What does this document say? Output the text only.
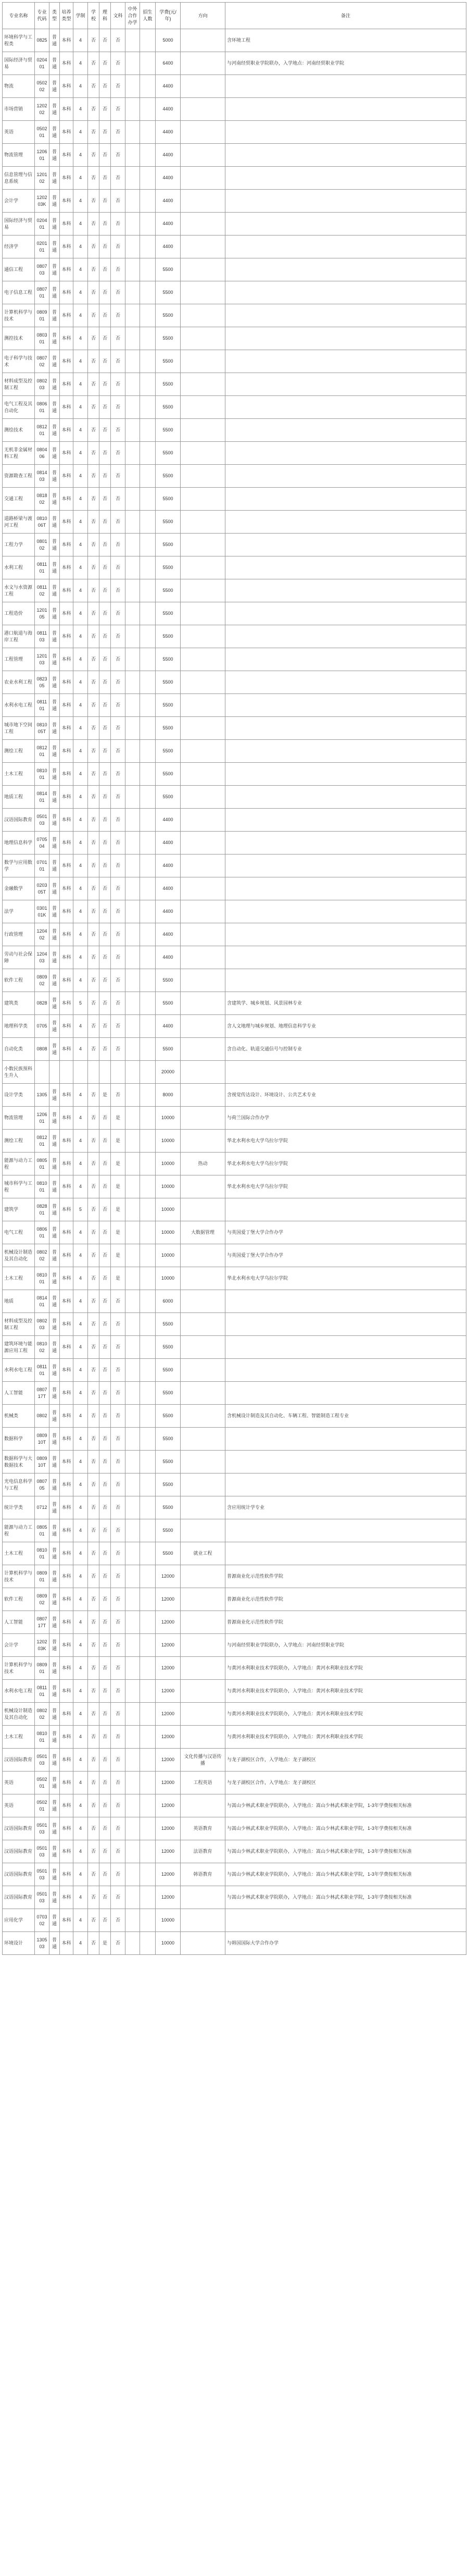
专业名称	专业代码	类型	培养类型	学制	学校	理科	文科	中外合作办学	招生人数	学费(元/年)	方向	备注
环境科学与工程类	0825	普通	本科	4	否	否	否			5000		含环境工程
国际经济与贸易	020401	普通	本科	4	否	否	否			6400		与河南经贸职业学院联办，入学地点：河南经贸职业学院
物流	050202	普通	本科	4	否	否	否			4400		
市场营销	120202	普通	本科	4	否	否	否			4400		
英语	050201	普通	本科	4	否	否	否			4400		
物流管理	120601	普通	本科	4	否	否	否			4400		
信息管理与信息系统	120102	普通	本科	4	否	否	否			4400		
会计学	120203K	普通	本科	4	否	否	否			4400		
国际经济与贸易	020401	普通	本科	4	否	否	否			4400		
经济学	020101	普通	本科	4	否	否	否			4400		
通信工程	080703	普通	本科	4	否	否	否			5500		
电子信息工程	080701	普通	本科	4	否	否	否			5500		
计算机科学与技术	080901	普通	本科	4	否	否	否			5500		
测控技术	080301	普通	本科	4	否	否	否			5500		
电子科学与技术	080702	普通	本科	4	否	否	否			5500		
材料成型及控制工程	080203	普通	本科	4	否	否	否			5500		
电气工程及其自动化	080601	普通	本科	4	否	否	否			5500		
测绘技术	081201	普通	本科	4	否	否	否			5500		
无机非金属材料工程	080406	普通	本科	4	否	否	否			5500		
资源勘查工程	081403	普通	本科	4	否	否	否			5500		
交通工程	081802	普通	本科	4	否	否	否			5500		
道路桥梁与渡河工程	081006T	普通	本科	4	否	否	否			5500		
工程力学	080102	普通	本科	4	否	否	否			5500		
水利工程	081101	普通	本科	4	否	否	否			5500		
水文与水资源工程	081102	普通	本科	4	否	否	否			5500		
工程造价	120105	普通	本科	4	否	否	否			5500		
港口航道与海岸工程	081103	普通	本科	4	否	否	否			5500		
工程管理	120103	普通	本科	4	否	否	否			5500		
农业水利工程	082305	普通	本科	4	否	否	否			5500		
水利水电工程	081101	普通	本科	4	否	否	否			5500		
城市地下空间工程	081005T	普通	本科	4	否	否	否			5500		
测绘工程	081201	普通	本科	4	否	否	否			5500		
土木工程	081001	普通	本科	4	否	否	否			5500		
地质工程	081401	普通	本科	4	否	否	否			5500		
汉语国际教育	050103	普通	本科	4	否	否	否			4400		
地理信息科学	070504	普通	本科	4	否	否	否			4400		
数学与应用数学	070101	普通	本科	4	否	否	否			4400		
金融数学	020305T	普通	本科	4	否	否	否			4400		
法学	030101K	普通	本科	4	否	否	否			4400		
行政管理	120402	普通	本科	4	否	否	否			4400		
劳动与社会保障	120403	普通	本科	4	否	否	否			4400		
软件工程	080902	普通	本科	4	否	否	否			5500		
建筑类	0828	普通	本科	5	否	否	否			5500		含建筑学、城乡规划、风景园林专业
地理科学类	0705	普通	本科	4	否	否	否			4400		含人文地理与城乡规划、地理信息科学专业
自动化类	0808	普通	本科	4	否	否	否			5500		含自动化、轨道交通信号与控制专业
小数民族预科生升入										20000		
设计学类	1305	普通	本科	4	否	是	否			8000		含视觉传达设计、环境设计、公共艺术专业
物流管理	120601	普通	本科	4	否	否	是			10000		与荷兰国际合作办学
测绘工程	081201	普通	本科	4	否	否	是			10000		华北水利水电大学乌拉尔学院
能源与动力工程	080501	普通	本科	4	否	否	是			10000	热动	华北水利水电大学乌拉尔学院
城市科学与工程	081001	普通	本科	4	否	否	是			10000		华北水利水电大学乌拉尔学院
建筑学	082801	普通	本科	5	否	否	是			10000		
电气工程	080601	普通	本科	4	否	否	是			10000	大数据管理	与英国爱丁堡大学合作办学
机械设计制造及其自动化	080202	普通	本科	4	否	否	是			10000		与英国爱丁堡大学合作办学
土木工程	081001	普通	本科	4	否	否	是			10000		华北水利水电大学乌拉尔学院
地质	081401	普通	本科	4	否	否	否			6000		
材料成型及控制工程	080203	普通	本科	4	否	否	否			5500		
建筑环境与能源应用工程	081002	普通	本科	4	否	否	否			5500		
水利水电工程	081101	普通	本科	4	否	否	否			5500		
人工智能	080717T	普通	本科	4	否	否	否			5500		
机械类	0802	普通	本科	4	否	否	否			5500		含机械设计制造及其自动化、车辆工程、智能制造工程专业
数据科学	080910T	普通	本科	4	否	否	否			5500		
数据科学与大数据技术	080910T	普通	本科	4	否	否	否			5500		
光电信息科学与工程	080705	普通	本科	4	否	否	否			5500		
统计学类	0712	普通	本科	4	否	否	否			5500		含应用统计学专业
能源与动力工程	080501	普通	本科	4	否	否	否			5500		
土木工程	081001	普通	本科	4	否	否	否			5500	就业工程	
计算机科学与技术	080901	普通	本科	4	否	否	否			12000		普源商业化示范性软件学院
软件工程	080902	普通	本科	4	否	否	否			12000		普源商业化示范性软件学院
人工智能	080717T	普通	本科	4	否	否	否			12000		普源商业化示范性软件学院
会计学	120203K	普通	本科	4	否	否	否			12000		与河南经贸职业学院联办，入学地点：河南经贸职业学院
计算机科学与技术	080901	普通	本科	4	否	否	否			12000		与黄河水利职业技术学院联办，入学地点：黄河水利职业技术学院
水利水电工程	081101	普通	本科	4	否	否	否			12000		与黄河水利职业技术学院联办，入学地点：黄河水利职业技术学院
机械设计制造及其自动化	080202	普通	本科	4	否	否	否			12000		与黄河水利职业技术学院联办，入学地点：黄河水利职业技术学院
土木工程	081001	普通	本科	4	否	否	否			12000		与黄河水利职业技术学院联办，入学地点：黄河水利职业技术学院
汉语国际教育	050103	普通	本科	4	否	否	否			12000	文化传播与汉语传播	与龙子湖校区合作，入学地点：龙子湖校区
英语	050201	普通	本科	4	否	否	否			12000	工程英语	与龙子湖校区合作，入学地点：龙子湖校区
英语	050201	普通	本科	4	否	否	否			12000		与嵩山少林武术职业学院联办，入学地点：嵩山少林武术职业学院，1-3年学费按相关标准
汉语国际教育	050103	普通	本科	4	否	否	否			12000	英语教育	与嵩山少林武术职业学院联办，入学地点：嵩山少林武术职业学院，1-3年学费按相关标准
汉语国际教育	050103	普通	本科	4	否	否	否			12000	法语教育	与嵩山少林武术职业学院联办，入学地点：嵩山少林武术职业学院，1-3年学费按相关标准
汉语国际教育	050103	普通	本科	4	否	否	否			12000	韩语教育	与嵩山少林武术职业学院联办，入学地点：嵩山少林武术职业学院，1-3年学费按相关标准
汉语国际教育	050103	普通	本科	4	否	否	否			12000		与嵩山少林武术职业学院联办，入学地点：嵩山少林武术职业学院，1-3年学费按相关标准
应用化学	070302	普通	本科	4	否	否	否			10000		
环境设计	130503	普通	本科	4	否	是	否			10000		与韩国国际大学合作办学
